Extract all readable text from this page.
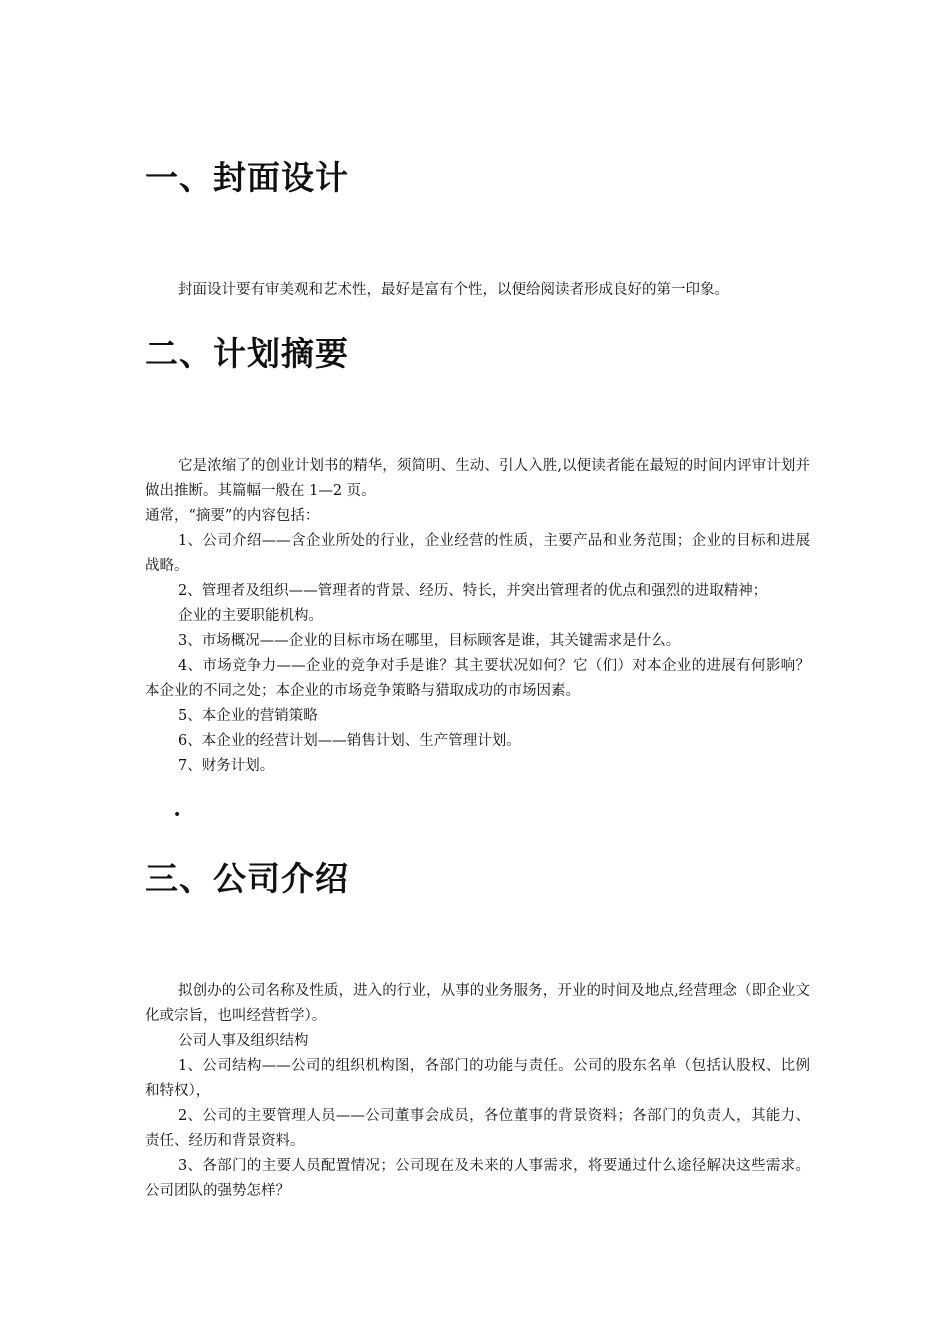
一、封面设计

封面设计要有审美观和艺术性，最好是富有个性，以便给阅读者形成良好的第一印象。

二、计划摘要

它是浓缩了的创业计划书的精华，须简明、生动、引人入胜,以便读者能在最短的时间内评审计划并做出推断。其篇幅一般在 1—2 页。

通常，“摘要”的内容包括：

1、公司介绍——含企业所处的行业，企业经营的性质，主要产品和业务范围；企业的目标和进展战略。

2、管理者及组织——管理者的背景、经历、特长，并突出管理者的优点和强烈的进取精神；

企业的主要职能机构。

3、市场概况——企业的目标市场在哪里，目标顾客是谁，其关键需求是什么。

4、市场竞争力——企业的竞争对手是谁？其主要状况如何？它（们）对本企业的进展有何影响？本企业的不同之处；本企业的市场竞争策略与猎取成功的市场因素。

5、本企业的营销策略

6、本企业的经营计划——销售计划、生产管理计划。

7、财务计划。

•
三、公司介绍

拟创办的公司名称及性质，进入的行业，从事的业务服务，开业的时间及地点,经营理念（即企业文化或宗旨，也叫经营哲学）。

公司人事及组织结构

1、公司结构——公司的组织机构图，各部门的功能与责任。公司的股东名单（包括认股权、比例和特权），

2、公司的主要管理人员——公司董事会成员，各位董事的背景资料；各部门的负责人，其能力、责任、经历和背景资料。

3、各部门的主要人员配置情况；公司现在及未来的人事需求，将要通过什么途径解决这些需求。公司团队的强势怎样？
